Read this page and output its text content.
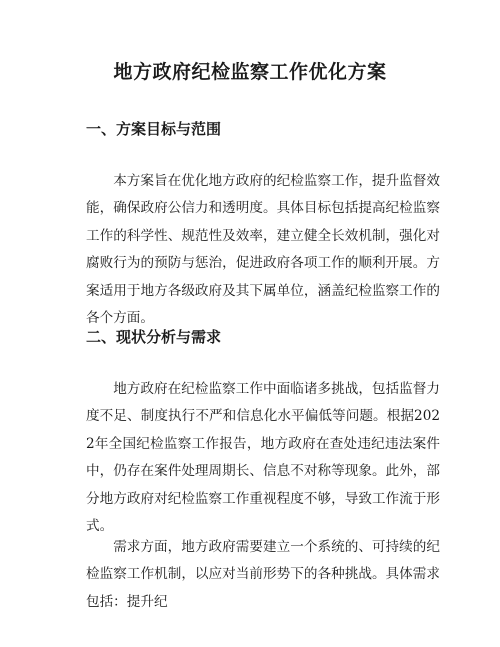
地方政府纪检监察工作优化方案
一、方案目标与范围

本方案旨在优化地方政府的纪检监察工作，提升监督效能，确保政府公信力和透明度。具体目标包括提高纪检监察工作的科学性、规范性及效率，建立健全长效机制，强化对腐败行为的预防与惩治，促进政府各项工作的顺利开展。方案适用于地方各级政府及其下属单位，涵盖纪检监察工作的各个方面。

二、现状分析与需求

地方政府在纪检监察工作中面临诸多挑战，包括监督力度不足、制度执行不严和信息化水平偏低等问题。根据2022年全国纪检监察工作报告，地方政府在查处违纪违法案件中，仍存在案件处理周期长、信息不对称等现象。此外，部分地方政府对纪检监察工作重视程度不够，导致工作流于形式。

需求方面，地方政府需要建立一个系统的、可持续的纪检监察工作机制，以应对当前形势下的各种挑战。具体需求包括：提升纪
